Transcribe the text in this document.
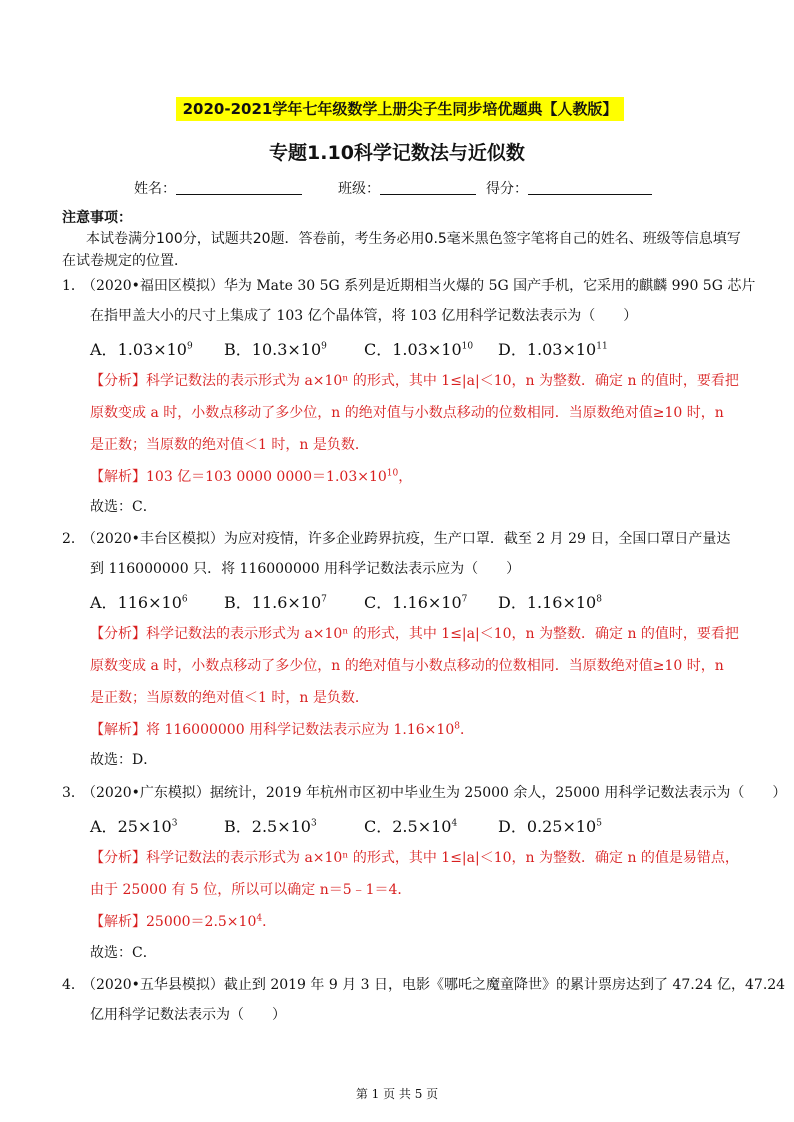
2020-2021学年七年级数学上册尖子生同步培优题典【人教版】
专题1.10科学记数法与近似数
姓名：	班级：	得分：
注意事项：
本试卷满分100分，试题共20题．答卷前，考生务必用0.5毫米黑色签字笔将自己的姓名、班级等信息填写在试卷规定的位置．
1．
（2020•福田区模拟）华为 Mate 30 5G 系列是近期相当火爆的 5G 国产手机，它采用的麒麟 990 5G 芯片
在指甲盖大小的尺寸上集成了 103 亿个晶体管，将 103 亿用科学记数法表示为（　　）
A．$1.03\times 10^9$ B．$10.3\times 10^9$ C．$1.03\times 10^{10}$ D．$1.03\times 10^{11}$
【分析】科学记数法的表示形式为 a×10ⁿ 的形式，其中 1≤|a|＜10，n 为整数．确定 n 的值时，要看把
原数变成 a 时，小数点移动了多少位，n 的绝对值与小数点移动的位数相同．当原数绝对值≥10 时，n
是正数；当原数的绝对值＜1 时，n 是负数．
【解析】103 亿＝103 0000 $0000=1.03\times 10^{10}$，
故选：C．
2．
（2020•丰台区模拟）为应对疫情，许多企业跨界抗疫，生产口罩．截至 2 月 29 日，全国口罩日产量达
到 116000000 只．将 116000000 用科学记数法表示应为（　　）
A．$116\times 10^6$ B．$11.6\times 10^7$ C．$1.16\times 10^7$ D．$1.16\times 10^8$
【分析】科学记数法的表示形式为 a×10ⁿ 的形式，其中 1≤|a|＜10，n 为整数．确定 n 的值时，要看把
原数变成 a 时，小数点移动了多少位，n 的绝对值与小数点移动的位数相同．当原数绝对值≥10 时，n
是正数；当原数的绝对值＜1 时，n 是负数．
【解析】将 116000000 用科学记数法表示应为 $1.16\times 10^8$．
故选：D．
3．
（2020•广东模拟）据统计，2019 年杭州市区初中毕业生为 25000 余人，25000 用科学记数法表示为（　　）
A．$25\times 10^3$	B．$2.5\times 10^3$	C．$2.5\times 10^4$	D．$0.25\times 10^5$
【分析】科学记数法的表示形式为 a×10ⁿ 的形式，其中 1≤|a|＜10，n 为整数．确定 n 的值是易错点，
由于 25000 有 5 位，所以可以确定 n＝5﹣1＝4．
【解析】$25000=2.5\times 10^4$．
故选：C．
4．
（2020•五华县模拟）截止到 2019 年 9 月 3 日，电影《哪吒之魔童降世》的累计票房达到了 47.24 亿，47.24
亿用科学记数法表示为（　　）
第 1 页 共 5 页
